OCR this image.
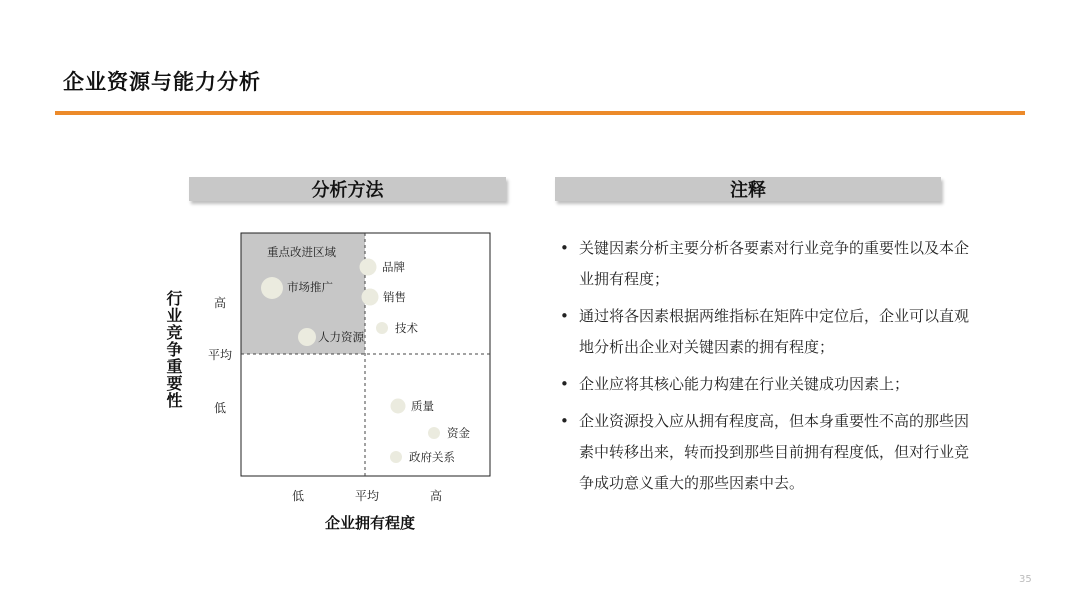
企业资源与能力分析
分析方法	注释
重点改进区域
品牌
市场推广
销售
技术
人力资源
质量
资金
政府关系
行业竞争重要性	高
平均
低
低	平均	高
企业拥有程度
• 关键因素分析主要分析各要素对行业竞争的重要性以及本企业拥有程度；
• 通过将各因素根据两维指标在矩阵中定位后，企业可以直观地分析出企业对关键因素的拥有程度；
• 企业应将其核心能力构建在行业关键成功因素上；
• 企业资源投入应从拥有程度高，但本身重要性不高的那些因素中转移出来，转而投到那些目前拥有程度低，但对行业竞争成功意义重大的那些因素中去。
35
